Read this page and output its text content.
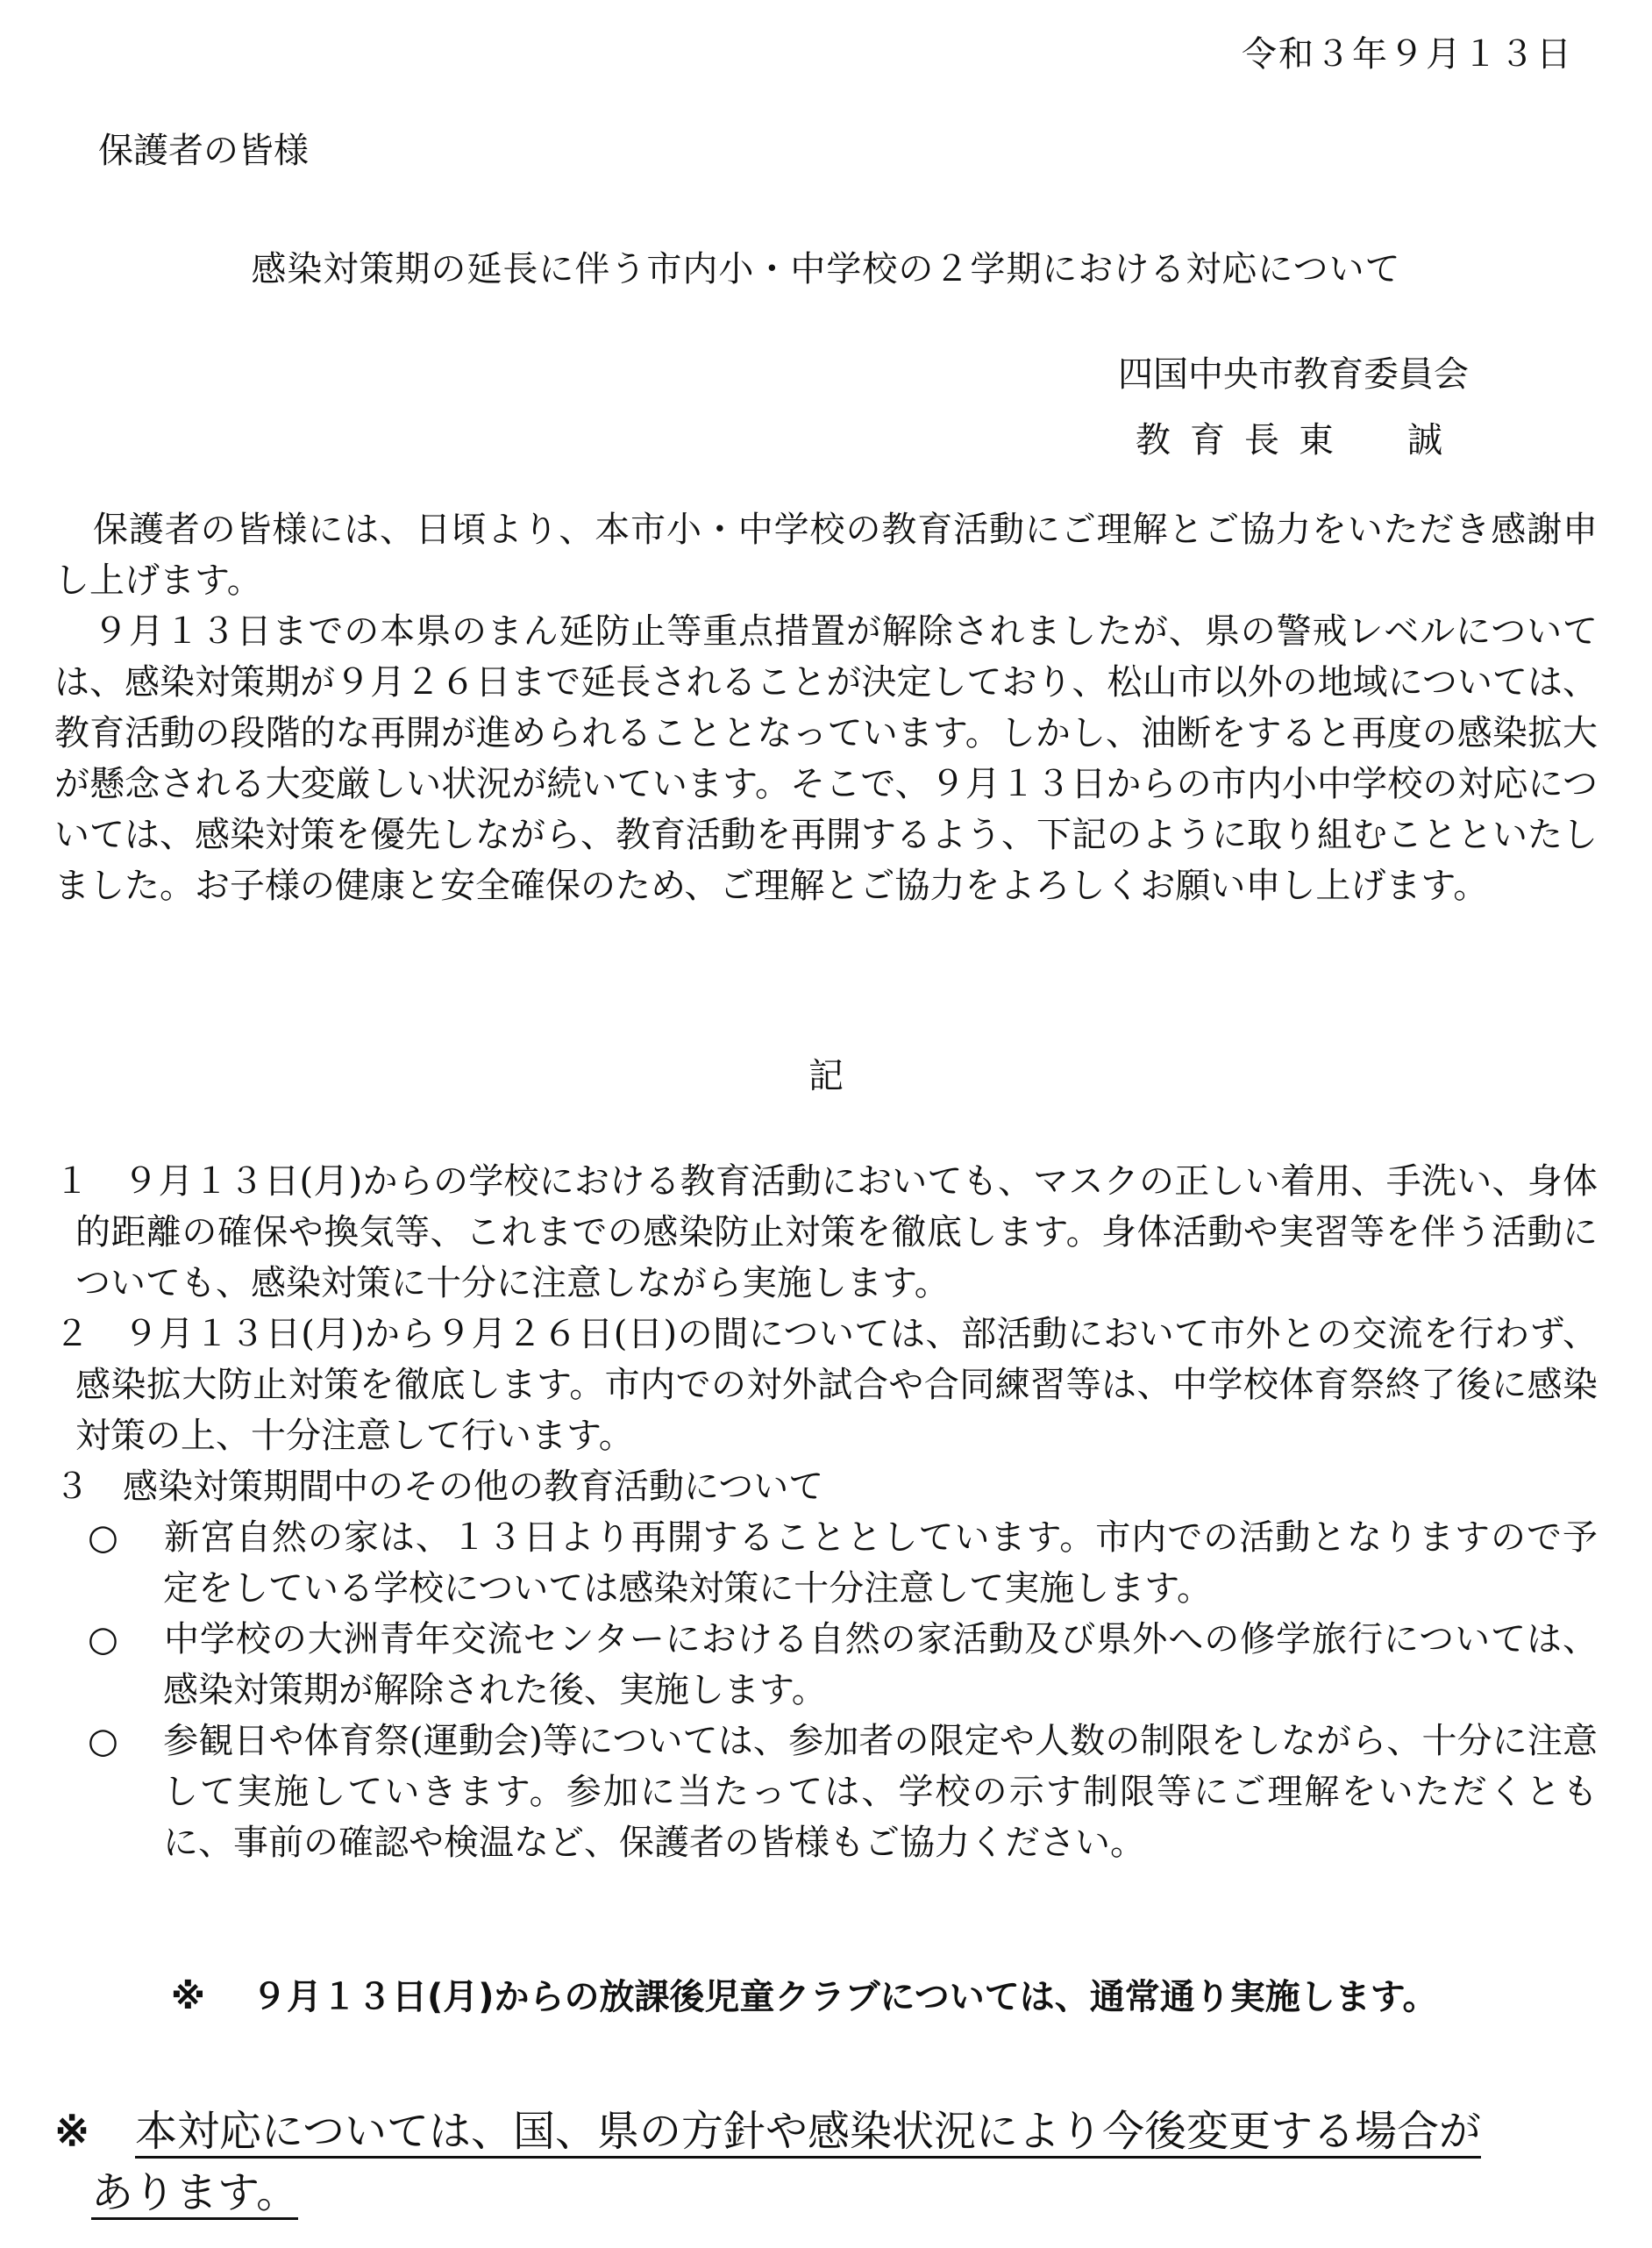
令和３年９月１３日
保護者の皆様
感染対策期の延長に伴う市内小・中学校の２学期における対応について
四国中央市教育委員会
教育長東　誠

保護者の皆様には、日頃より、本市小・中学校の教育活動にご理解とご協力をいただき感謝申し上げます。

９月１３日までの本県のまん延防止等重点措置が解除されましたが、県の警戒レベルについては、感染対策期が９月２６日まで延長されることが決定しており、松山市以外の地域については、教育活動の段階的な再開が進められることとなっています。しかし、油断をすると再度の感染拡大が懸念される大変厳しい状況が続いています。そこで、９月１３日からの市内小中学校の対応については、感染対策を優先しながら、教育活動を再開するよう、下記のように取り組むことといたしました。お子様の健康と安全確保のため、ご理解とご協力をよろしくお願い申し上げます。

記

１ ９月１３日(月)からの学校における教育活動においても、マスクの正しい着用、手洗い、身体的距離の確保や換気等、これまでの感染防止対策を徹底します。身体活動や実習等を伴う活動についても、感染対策に十分に注意しながら実施します。

２ ９月１３日(月)から９月２６日(日)の間については、部活動において市外との交流を行わず、感染拡大防止対策を徹底します。市内での対外試合や合同練習等は、中学校体育祭終了後に感染対策の上、十分注意して行います。

３ 感染対策期間中のその他の教育活動について

○ 新宮自然の家は、１３日より再開することとしています。市内での活動となりますので予定をしている学校については感染対策に十分注意して実施します。

○ 中学校の大洲青年交流センターにおける自然の家活動及び県外への修学旅行については、感染対策期が解除された後、実施します。

○ 参観日や体育祭(運動会)等については、参加者の限定や人数の制限をしながら、十分に注意して実施していきます。参加に当たっては、学校の示す制限等にご理解をいただくともに、事前の確認や検温など、保護者の皆様もご協力ください。

※ ９月１３日(月)からの放課後児童クラブについては、通常通り実施します。
※ 本対応については、国、県の方針や感染状況により今後変更する場合が
あります。
